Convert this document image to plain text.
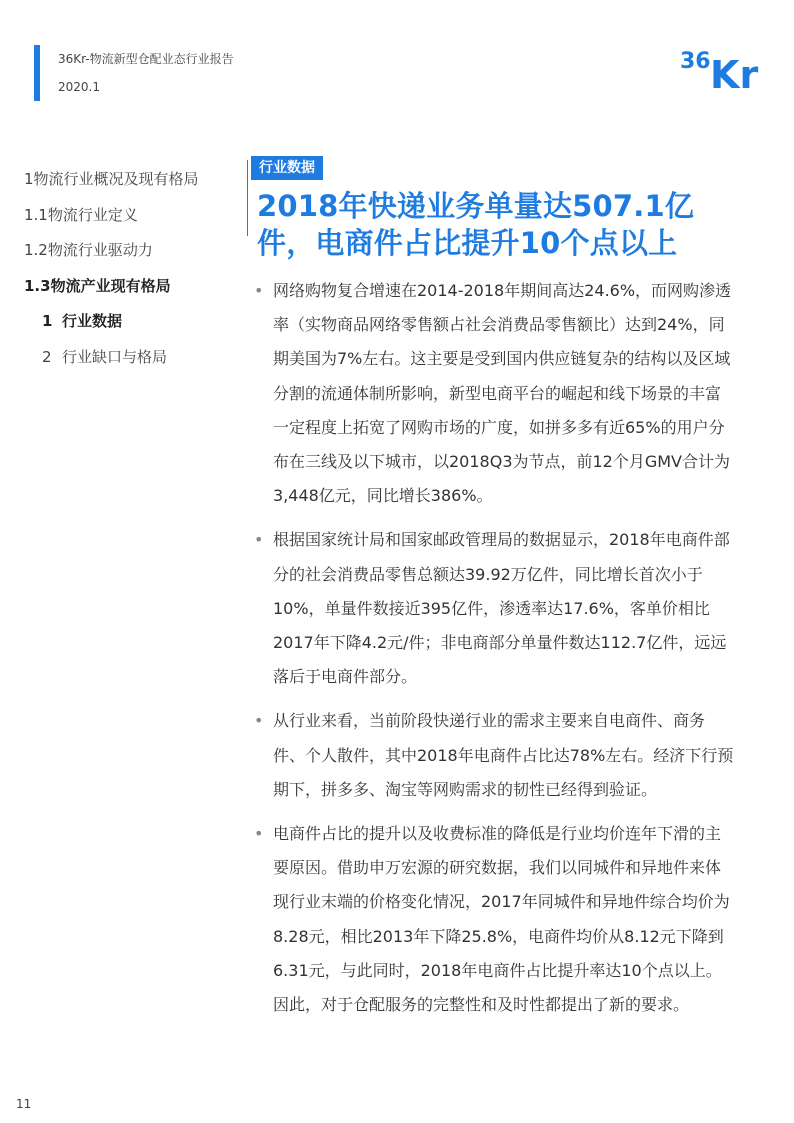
36Kr-物流新型仓配业态行业报告
2020.1
36 Kr
1物流行业概况及现有格局
1.1物流行业定义
1.2物流行业驱动力
1.3物流产业现有格局
1 行业数据
2 行业缺口与格局
行业数据
2018年快递业务单量达507.1亿件，电商件占比提升10个点以上
• 网络购物复合增速在2014-2018年期间高达24.6%，而网购渗透率（实物商品网络零售额占社会消费品零售额比）达到24%，同期美国为7%左右。这主要是受到国内供应链复杂的结构以及区域分割的流通体制所影响，新型电商平台的崛起和线下场景的丰富一定程度上拓宽了网购市场的广度，如拼多多有近65%的用户分布在三线及以下城市，以2018Q3为节点，前12个月GMV合计为3,448亿元，同比增长386%。
• 根据国家统计局和国家邮政管理局的数据显示，2018年电商件部分的社会消费品零售总额达39.92万亿件，同比增长首次小于10%，单量件数接近395亿件，渗透率达17.6%，客单价相比2017年下降4.2元/件；非电商部分单量件数达112.7亿件，远远落后于电商件部分。
• 从行业来看，当前阶段快递行业的需求主要来自电商件、商务件、个人散件，其中2018年电商件占比达78%左右。经济下行预期下，拼多多、淘宝等网购需求的韧性已经得到验证。
• 电商件占比的提升以及收费标准的降低是行业均价连年下滑的主要原因。借助申万宏源的研究数据，我们以同城件和异地件来体现行业末端的价格变化情况，2017年同城件和异地件综合均价为8.28元，相比2013年下降25.8%，电商件均价从8.12元下降到6.31元，与此同时，2018年电商件占比提升率达10个点以上。因此，对于仓配服务的完整性和及时性都提出了新的要求。
11
